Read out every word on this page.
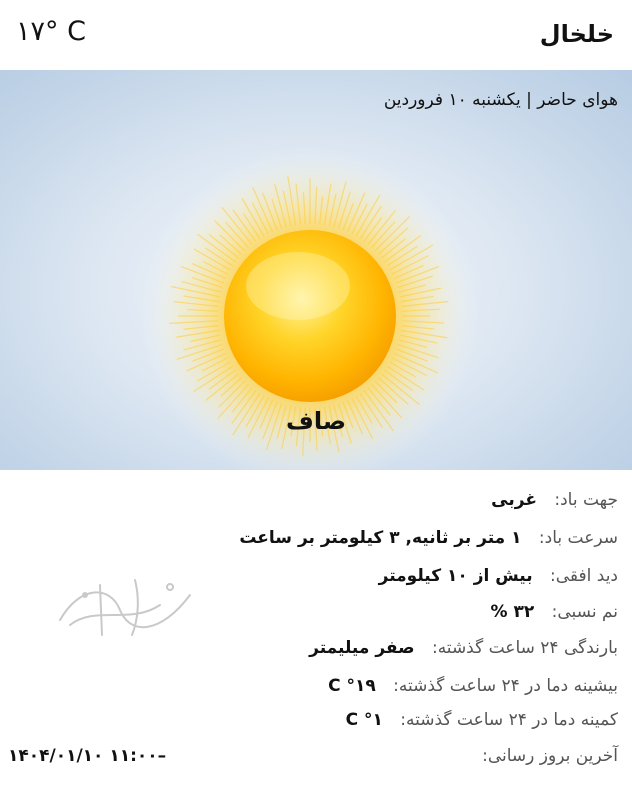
خلخال
۱۷° C
هوای حاضر | یکشنبه ۱۰ فروردین
صاف
جهت باد: غربی
سرعت باد: ۱ متر بر ثانیه, ۳ کیلومتر بر ساعت
دید افقی: بیش از ۱۰ کیلومتر
نم نسبی: ۳۲ %
بارندگی ۲۴ ساعت گذشته: صفر میلیمتر
بیشینه دما در ۲۴ ساعت گذشته: ۱۹° C
کمینه دما در ۲۴ ساعت گذشته: ۱° C
آخرین بروز رسانی:
۱۴۰۴/۰۱/۱۰ ۱۱:۰۰–
